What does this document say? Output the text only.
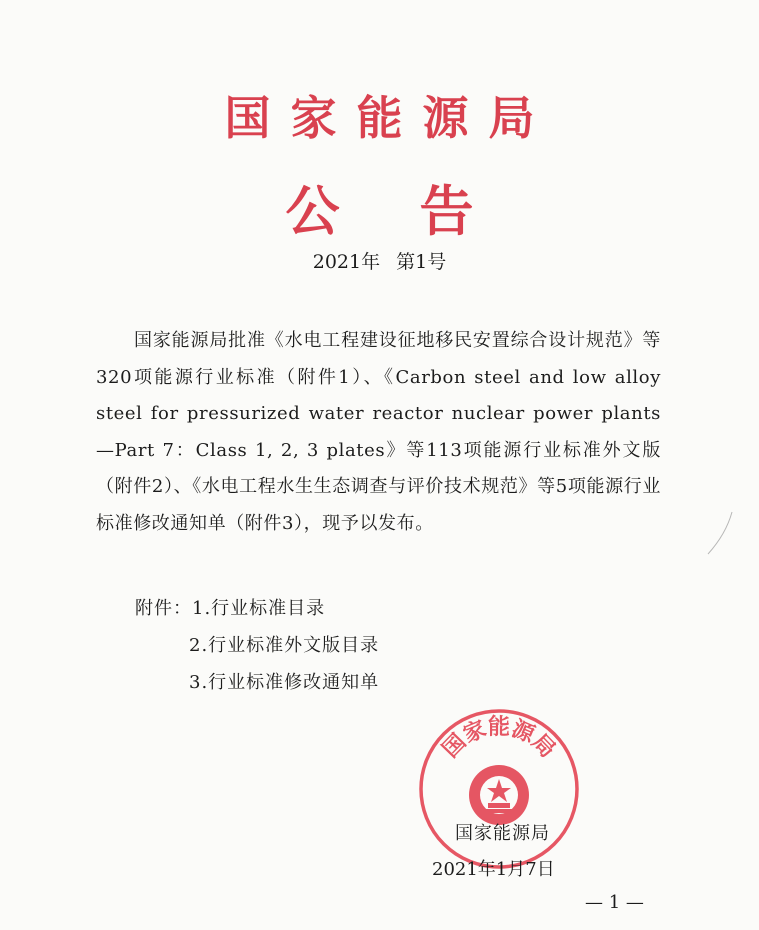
国家能源局
公告
2021年 第1号
国家能源局批准《水电工程建设征地移民安置综合设计规范》等320项能源行业标准（附件1）、《Carbon steel and low alloy steel for pressurized water reactor nuclear power plants—Part 7：Class 1, 2, 3 plates》等113项能源行业标准外文版（附件2）、《水电工程水生生态调查与评价技术规范》等5项能源行业标准修改通知单（附件3），现予以发布。
附件：1.行业标准目录
2.行业标准外文版目录
3.行业标准修改通知单
国家能源局
国家能源局
2021年1月7日
— 1 —
